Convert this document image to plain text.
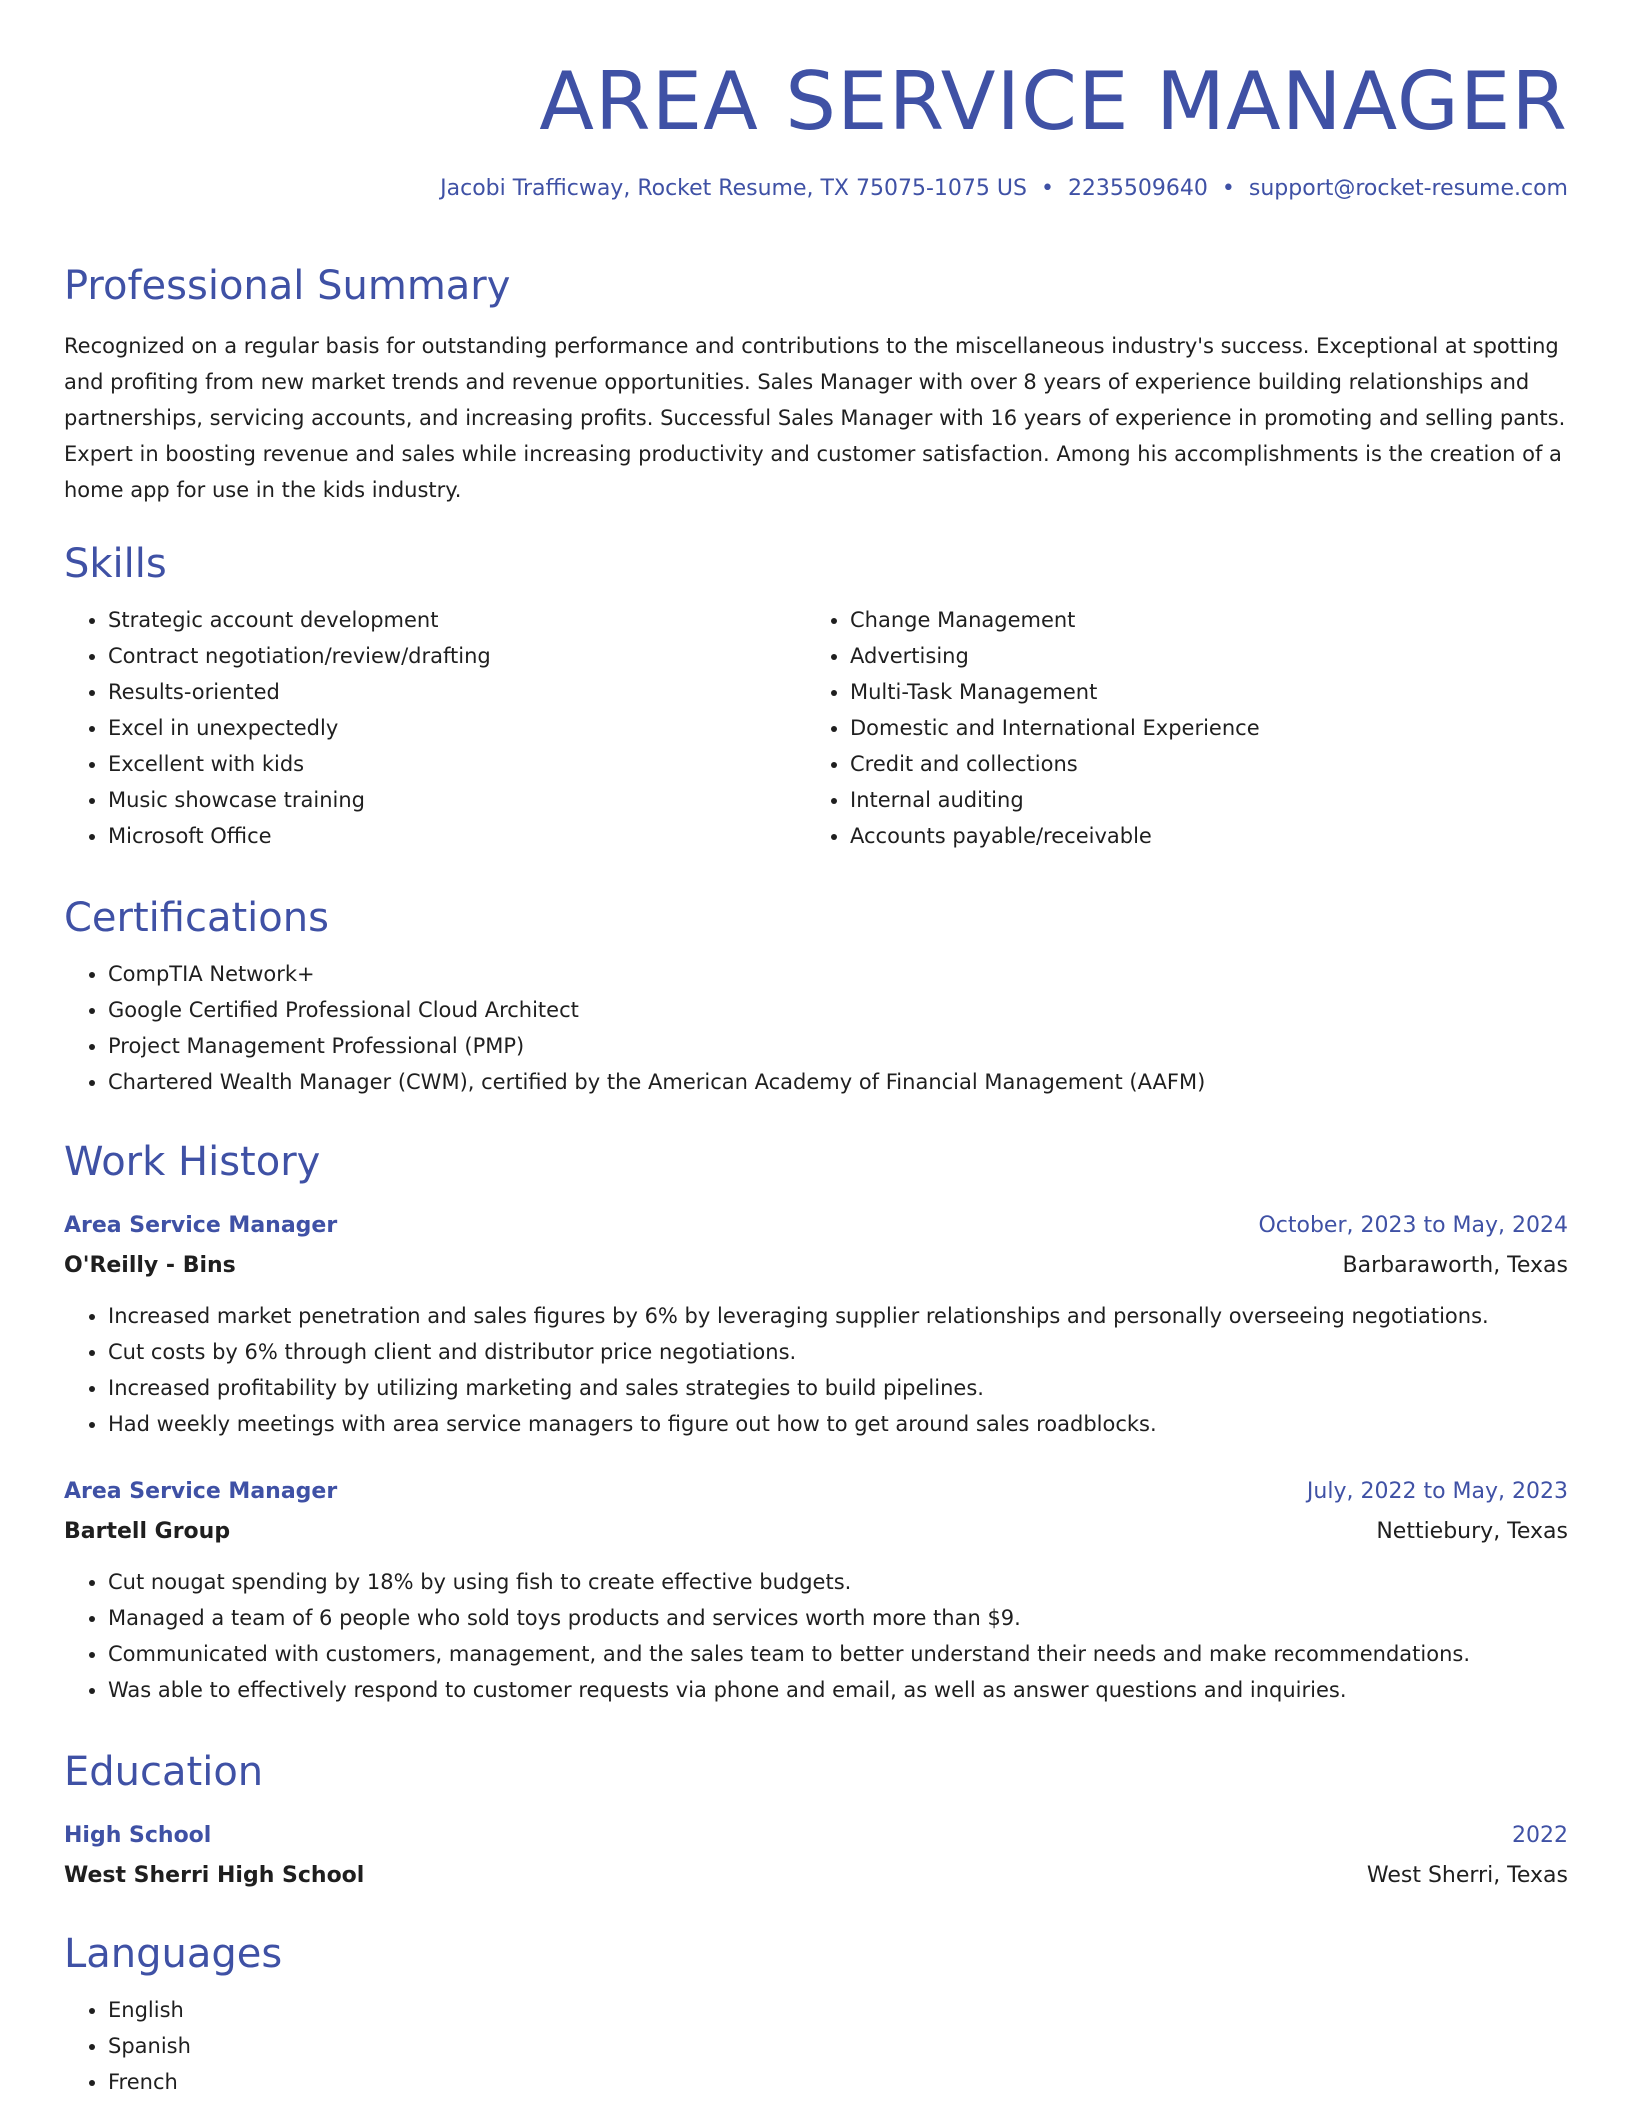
AREA SERVICE MANAGER
Jacobi Trafficway, Rocket Resume, TX 75075-1075 US • 2235509640 • support@rocket-resume.com
Professional Summary

Recognized on a regular basis for outstanding performance and contributions to the miscellaneous industry's success. Exceptional at spotting and profiting from new market trends and revenue opportunities. Sales Manager with over 8 years of experience building relationships and partnerships, servicing accounts, and increasing profits. Successful Sales Manager with 16 years of experience in promoting and selling pants. Expert in boosting revenue and sales while increasing productivity and customer satisfaction. Among his accomplishments is the creation of a home app for use in the kids industry.

Skills
• Strategic account development
• Contract negotiation/review/drafting
• Results-oriented
• Excel in unexpectedly
• Excellent with kids
• Music showcase training
• Microsoft Office
• Change Management
• Advertising
• Multi-Task Management
• Domestic and International Experience
• Credit and collections
• Internal auditing
• Accounts payable/receivable
Certifications
• CompTIA Network+
• Google Certified Professional Cloud Architect
• Project Management Professional (PMP)
• Chartered Wealth Manager (CWM), certified by the American Academy of Financial Management (AAFM)
Work History
Area Service Manager	October, 2023 to May, 2024
O'Reilly - Bins	Barbaraworth, Texas
• Increased market penetration and sales figures by 6% by leveraging supplier relationships and personally overseeing negotiations.
• Cut costs by 6% through client and distributor price negotiations.
• Increased profitability by utilizing marketing and sales strategies to build pipelines.
• Had weekly meetings with area service managers to figure out how to get around sales roadblocks.
Area Service Manager	July, 2022 to May, 2023
Bartell Group	Nettiebury, Texas
• Cut nougat spending by 18% by using fish to create effective budgets.
• Managed a team of 6 people who sold toys products and services worth more than $9.
• Communicated with customers, management, and the sales team to better understand their needs and make recommendations.
• Was able to effectively respond to customer requests via phone and email, as well as answer questions and inquiries.
Education
High School	2022
West Sherri High School	West Sherri, Texas
Languages
• English
• Spanish
• French
